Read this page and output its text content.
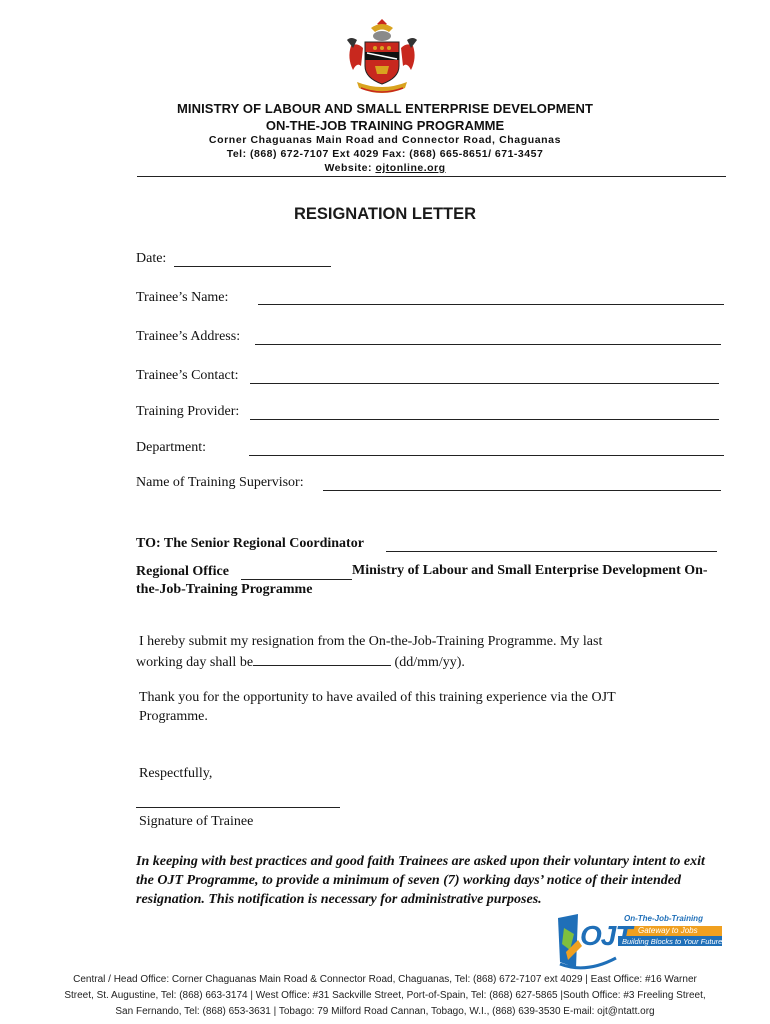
MINISTRY OF LABOUR AND SMALL ENTERPRISE DEVELOPMENT
ON-THE-JOB TRAINING PROGRAMME
Corner Chaguanas Main Road and Connector Road, Chaguanas
Tel: (868) 672-7107 Ext 4029 Fax: (868) 665-8651/ 671-3457
Website: ojtonline.org
RESIGNATION LETTER
Date:
Trainee’s Name:
Trainee’s Address:
Trainee’s Contact:
Training Provider:
Department:
Name of Training Supervisor:
TO: The Senior Regional Coordinator
Regional Office	Ministry of Labour and Small Enterprise Development On-
the-Job-Training Programme
I hereby submit my resignation from the On-the-Job-Training Programme. My last
working day shall be	(dd/mm/yy).
Thank you for the opportunity to have availed of this training experience via the OJT
Programme.
Respectfully,
Signature of Trainee
In keeping with best practices and good faith Trainees are asked upon their voluntary intent to exit the OJT Programme, to provide a minimum of seven (7) working days’ notice of their intended resignation. This notification is necessary for administrative purposes.
OJT
On-The-Job-Training
Gateway to Jobs
Building Blocks to Your Future
Central / Head Office: Corner Chaguanas Main Road & Connector Road, Chaguanas, Tel: (868) 672-7107 ext 4029 | East Office: #16 Warner
Street, St. Augustine, Tel: (868) 663-3174 | West Office: #31 Sackville Street, Port-of-Spain, Tel: (868) 627-5865 |South Office: #3 Freeling Street,
San Fernando, Tel: (868) 653-3631 | Tobago: 79 Milford Road Cannan, Tobago, W.I., (868) 639-3530 E-mail: ojt@ntatt.org
